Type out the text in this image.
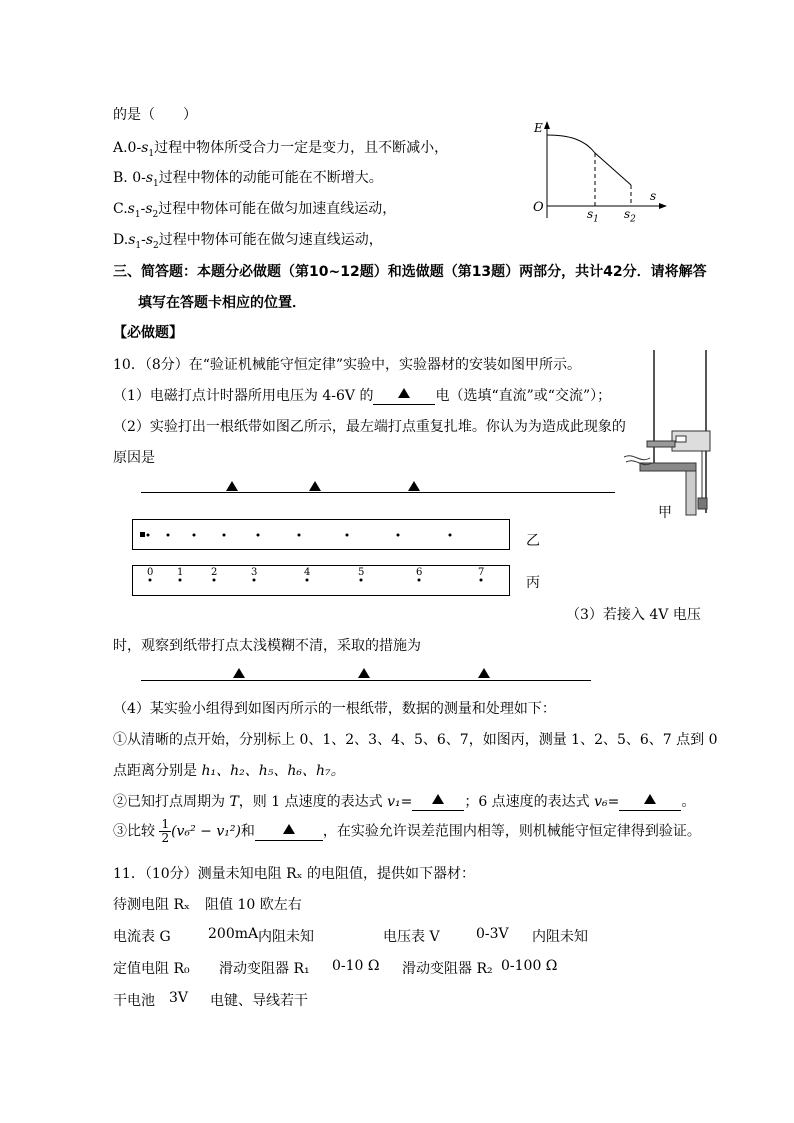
的是（　　）
$A.0-s_1$过程中物体所受合力一定是变力，且不断减小，
B. $0-s_1$过程中物体的动能可能在不断增大。
$C.s_1-s_2$过程中物体可能在做匀加速直线运动，
$D.s_1-s_2$过程中物体可能在做匀速直线运动，
E
s
O	$s_1$ $s_2$
三、简答题：本题分必做题（第10~12题）和选做题（第13题）两部分，共计42分．请将解答
填写在答题卡相应的位置．
【必做题】
10．（8分）在“验证机械能守恒定律”实验中，实验器材的安装如图甲所示。
（1）电磁打点计时器所用电压为 4-6V 的	电（选填“直流”或“交流”）；
（2）实验打出一根纸带如图乙所示，最左端打点重复扎堆。你认为为造成此现象的
原因是
甲
乙
0 1	2	3	4	5	6	7
丙
（3）若接入 4V 电压
时，观察到纸带打点太浅模糊不清，采取的措施为
（4）某实验小组得到如图丙所示的一根纸带，数据的测量和处理如下：
①从清晰的点开始，分别标上 0、1、2、3、4、5、6、7，如图丙，测量 1、2、5、6、7 点到 0
点距离分别是 h₁、h₂、h₅、h₆、h₇。
②已知打点周期为 T，则 1 点速度的表达式 v₁=	；6 点速度的表达式 v₆=	。
③比较 $\frac{1}{2} (v_6^2 - v_1^2)$和	，在实验允许误差范围内相等，则机械能守恒定律得到验证。
11．（10分）测量未知电阻 Rₓ 的电阻值，提供如下器材：
待测电阻 Rₓ 阻值 10 欧左右
电流表 G	200mA 内阻未知	电压表 V	0-3V 内阻未知
定值电阻 R₀ 滑动变阻器 R₁ 0-10 Ω 滑动变阻器 R₂ 0-100 Ω
干电池 3V 电键、导线若干
